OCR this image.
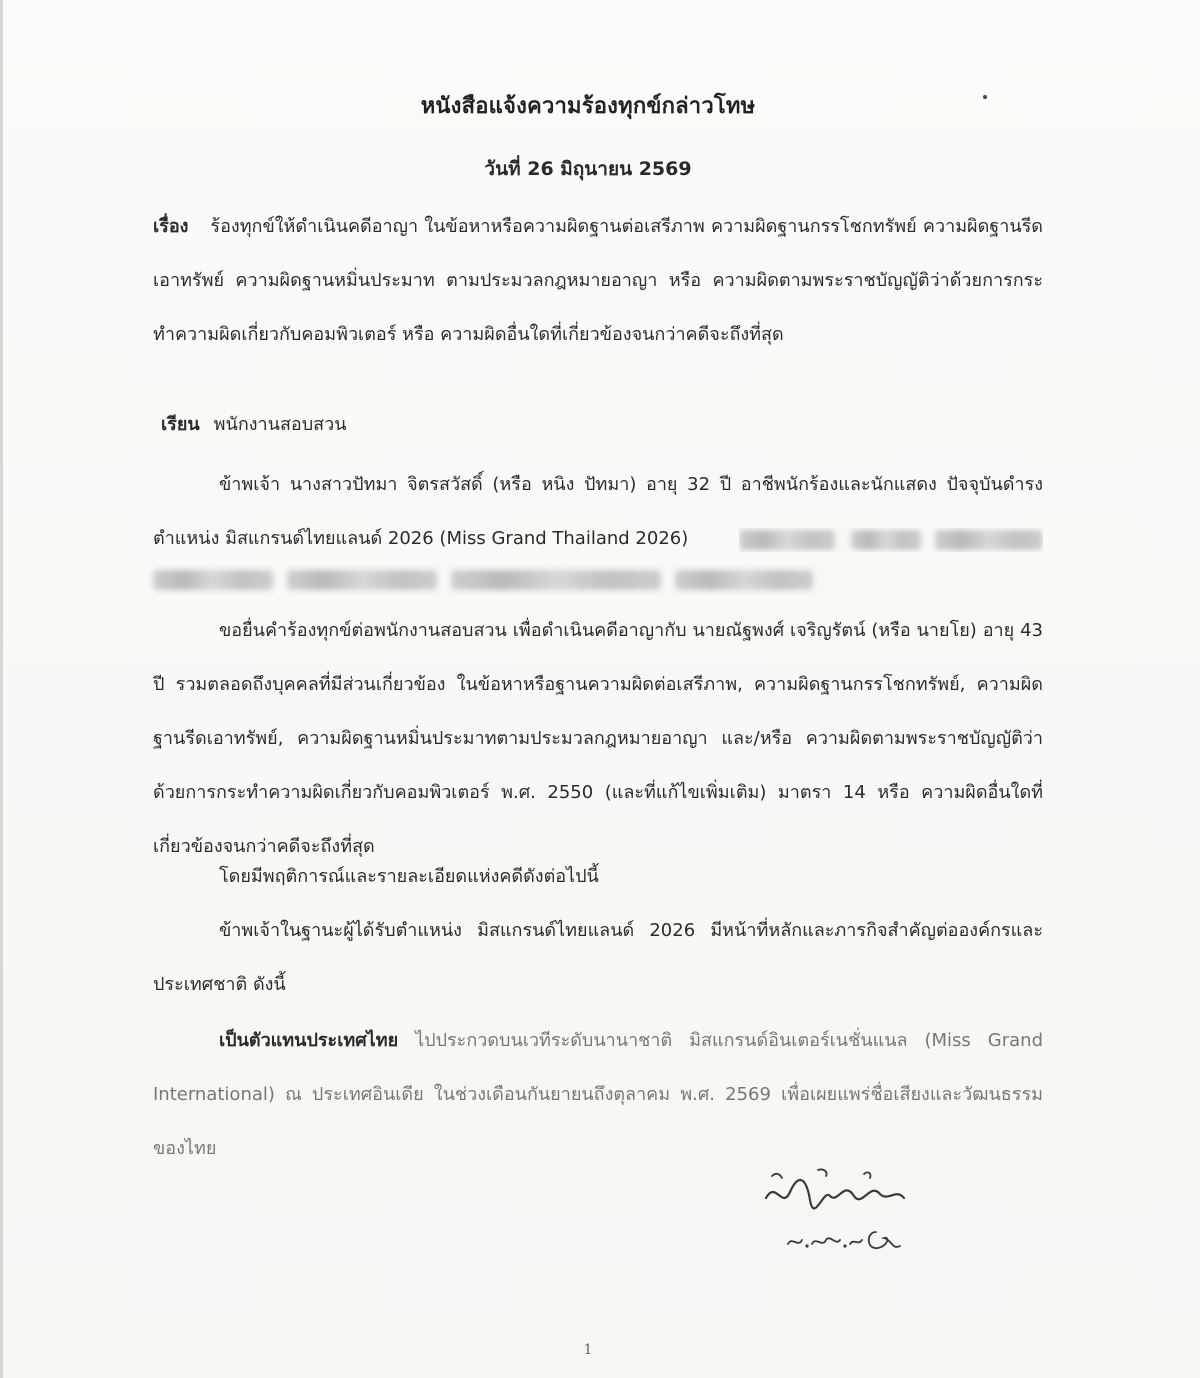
หนังสือแจ้งความร้องทุกข์กล่าวโทษ
วันที่ 26 มิถุนายน 2569
เรื่อง ร้องทุกข์ให้ดำเนินคดีอาญา ในข้อหาหรือความผิดฐานต่อเสรีภาพ ความผิดฐานกรรโชกทรัพย์ ความผิดฐานรีดเอาทรัพย์ ความผิดฐานหมิ่นประมาท ตามประมวลกฎหมายอาญา หรือ ความผิดตามพระราชบัญญัติว่าด้วยการกระทำความผิดเกี่ยวกับคอมพิวเตอร์ หรือ ความผิดอื่นใดที่เกี่ยวข้องจนกว่าคดีจะถึงที่สุด
เรียน พนักงานสอบสวน
ข้าพเจ้า นางสาวปัทมา จิตรสวัสดิ์ (หรือ หนิง ปัทมา) อายุ 32 ปี อาชีพนักร้องและนักแสดง ปัจจุบันดำรงตำแหน่ง มิสแกรนด์ไทยแลนด์ 2026 (Miss Grand Thailand 2026)
ขอยื่นคำร้องทุกข์ต่อพนักงานสอบสวน เพื่อดำเนินคดีอาญากับ นายณัฐพงศ์ เจริญรัตน์ (หรือ นายโย) อายุ 43 ปี รวมตลอดถึงบุคคลที่มีส่วนเกี่ยวข้อง ในข้อหาหรือฐานความผิดต่อเสรีภาพ, ความผิดฐานกรรโชกทรัพย์, ความผิดฐานรีดเอาทรัพย์, ความผิดฐานหมิ่นประมาทตามประมวลกฎหมายอาญา และ/หรือ ความผิดตามพระราชบัญญัติว่าด้วยการกระทำความผิดเกี่ยวกับคอมพิวเตอร์ พ.ศ. 2550 (และที่แก้ไขเพิ่มเติม) มาตรา 14 หรือ ความผิดอื่นใดที่เกี่ยวข้องจนกว่าคดีจะถึงที่สุด
โดยมีพฤติการณ์และรายละเอียดแห่งคดีดังต่อไปนี้
ข้าพเจ้าในฐานะผู้ได้รับตำแหน่ง มิสแกรนด์ไทยแลนด์ 2026 มีหน้าที่หลักและภารกิจสำคัญต่อองค์กรและประเทศชาติ ดังนี้
เป็นตัวแทนประเทศไทย ไปประกวดบนเวทีระดับนานาชาติ มิสแกรนด์อินเตอร์เนชั่นแนล (Miss Grand International) ณ ประเทศอินเดีย ในช่วงเดือนกันยายนถึงตุลาคม พ.ศ. 2569 เพื่อเผยแพร่ชื่อเสียงและวัฒนธรรมของไทย
1
